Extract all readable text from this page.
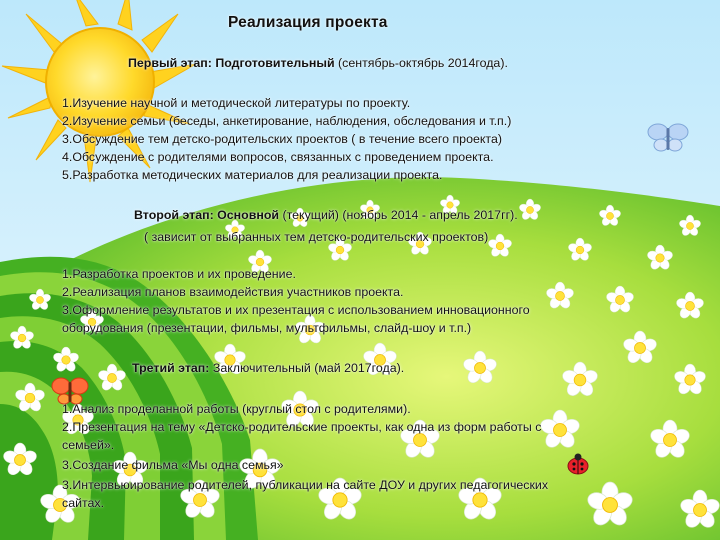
Реализация проекта
Первый этап: Подготовительный (сентябрь-октябрь 2014года).
1.Изучение научной и методической литературы по проекту.
2.Изучение семьи (беседы, анкетирование, наблюдения, обследования и т.п.)
3.Обсуждение тем детско-родительских проектов ( в течение всего проекта)
4.Обсуждение с родителями вопросов, связанных с проведением проекта.
5.Разработка методических материалов для реализации проекта.
Второй этап: Основной (текущий) (ноябрь 2014 - апрель 2017гг).
( зависит от выбранных тем детско-родительских проектов)
1.Разработка проектов и их проведение.
2.Реализация планов взаимодействия участников проекта.
3.Оформление результатов и их презентация с использованием инновационного
оборудования (презентации, фильмы, мультфильмы, слайд-шоу и т.п.)
Третий этап: Заключительный (май 2017года).
1.Анализ проделанной работы (круглый стол с родителями).
2.Презентация на тему «Детско-родительские проекты, как одна из форм работы с
семьей».
3.Создание фильма «Мы одна семья»
3.Интервьюирование родителей, публикации на сайте ДОУ и других педагогических
сайтах.
